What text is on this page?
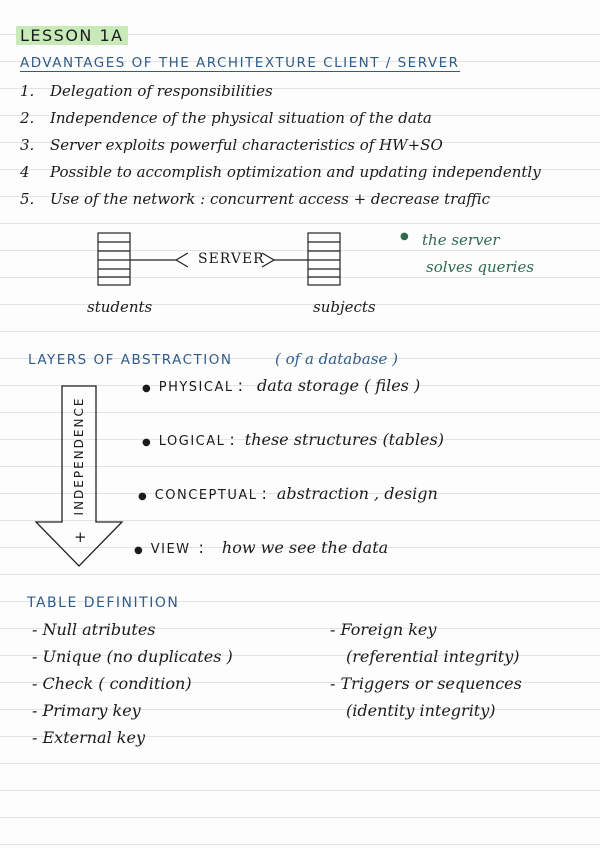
LESSON 1A
ADVANTAGES OF THE ARCHITEXTURE CLIENT / SERVER
1.	Delegation of responsibilities
2.	Independence of the physical situation of the data
3.	Server exploits powerful characteristics of HW+SO
4	Possible to accomplish optimization and updating independently
5.	Use of the network : concurrent access + decrease traffic
SERVER
students	subjects
● the server
solves queries
LAYERS OF ABSTRACTION	( of a database )
INDEPENDENCE
+
● PHYSICAL : data storage ( files )
● LOGICAL : these structures (tables)
● CONCEPTUAL : abstraction , design
● VIEW : how we see the data
TABLE DEFINITION
- Null atributes
- Unique (no duplicates )
- Check ( condition)
- Primary key
- External key
- Foreign key
(referential integrity)
- Triggers or sequences
(identity integrity)
